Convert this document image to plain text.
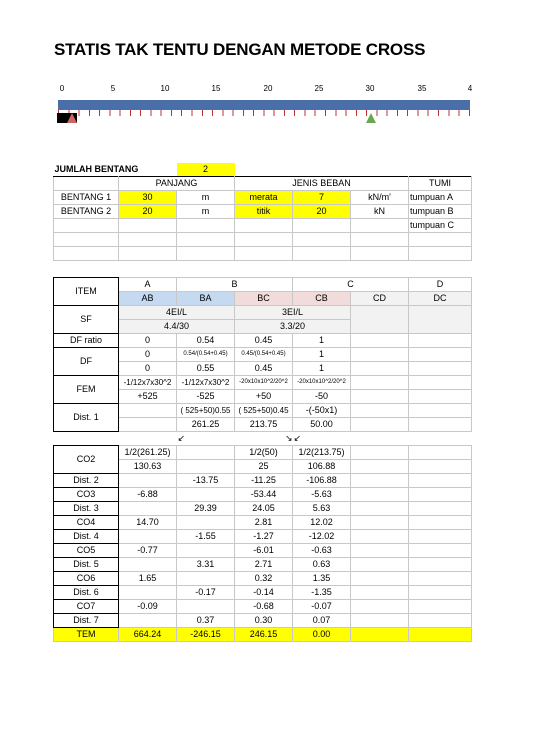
STATIS TAK TENTU DENGAN METODE CROSS
0	5	10	15	20	25	30	35	4
JUMLAH BENTANG		2				
	PANJANG		JENIS BEBAN			TUMI
BENTANG 1	30	m	merata	7	kN/m'	tumpuan A
BENTANG 2	20	m	titik	20	kN	tumpuan B
						tumpuan C

ITEM	A	B		C		D
	AB	BA	BC	CB	CD	DC
SF	4EI/L		3EI/L			
	4.4/30		3.3/20			
DF ratio	0	0.54	0.45	1		
DF	0	0.54/(0.54+0.45)	0.45/(0.54+0.45)	1		
	0	0.55	0.45	1		
FEM	-1/12x7x30^2	-1/12x7x30^2	-20x10x10^2/20^2	-20x10x10^2/20^2		
	+525	-525	+50	-50		
Dist. 1		( 525+50)0.55	( 525+50)0.45	-(-50x1)		
		261.25	213.75	50.00		
		↙	↘	↙		
CO2	1/2(261.25)		1/2(50)	1/2(213.75)		
	130.63		25	106.88		
Dist. 2		-13.75	-11.25	-106.88		
CO3	-6.88		-53.44	-5.63		
Dist. 3		29.39	24.05	5.63		
CO4	14.70		2.81	12.02		
Dist. 4		-1.55	-1.27	-12.02		
CO5	-0.77		-6.01	-0.63		
Dist. 5		3.31	2.71	0.63		
CO6	1.65		0.32	1.35		
Dist. 6		-0.17	-0.14	-1.35		
CO7	-0.09		-0.68	-0.07		
Dist. 7		0.37	0.30	0.07		
TEM	664.24	-246.15	246.15	0.00		
